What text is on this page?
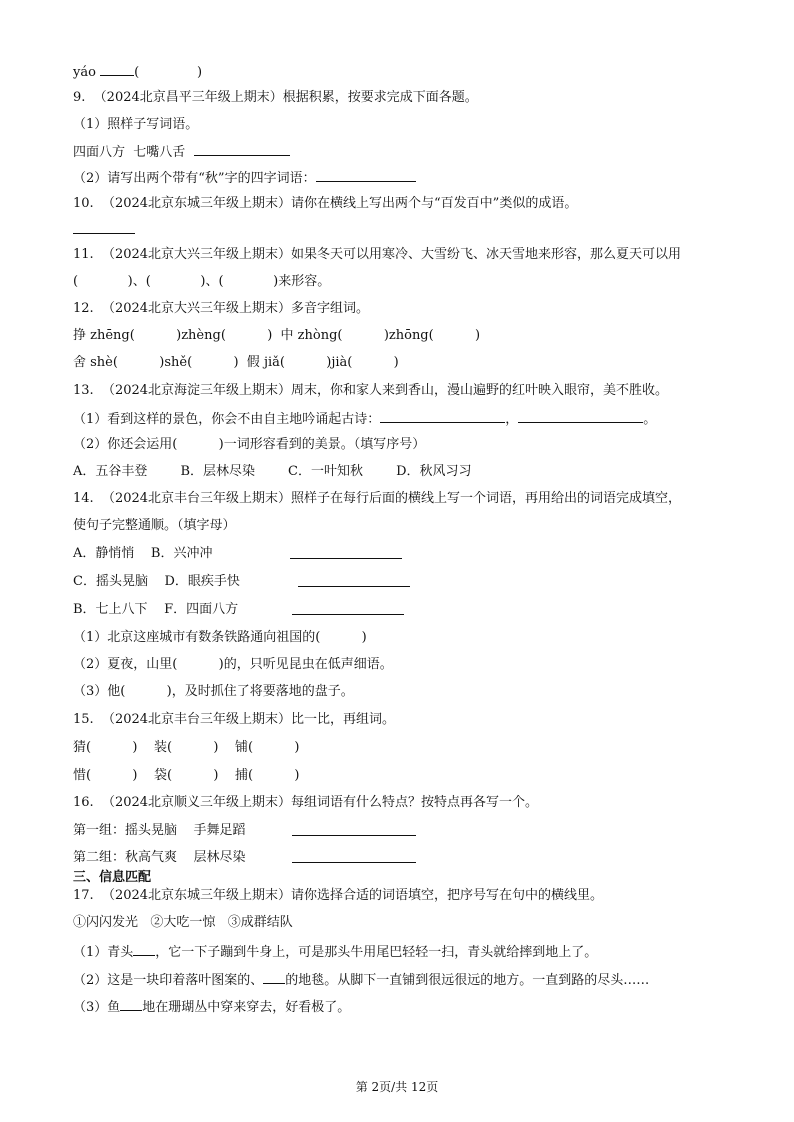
yáo	(              )
9.  （2024北京昌平三年级上期末）根据积累，按要求完成下面各题。
（1）照样子写词语。
四面八方  七嘴八舌
（2）请写出两个带有“秋”字的四字词语：
10.  （2024北京东城三年级上期末）请你在横线上写出两个与“百发百中”类似的成语。
11.  （2024北京大兴三年级上期末）如果冬天可以用寒冷、大雪纷飞、冰天雪地来形容，那么夏天可以用
(            )、(            )、(            )来形容。
12.  （2024北京大兴三年级上期末）多音字组词。
挣 zhēng(          )zhèng(          )  中 zhòng(          )zhōng(          )
舍 shè(          )shě(          )  假 jiǎ(          )jià(          )
13.  （2024北京海淀三年级上期末）周末，你和家人来到香山，漫山遍野的红叶映入眼帘，美不胜收。
（1）看到这样的景色，你会不由自主地吟诵起古诗：	，	。
（2）你还会运用(          )一词形容看到的美景。（填写序号）
A．五谷丰登        B．层林尽染        C．一叶知秋        D．秋风习习
14.  （2024北京丰台三年级上期末）照样子在每行后面的横线上写一个词语，再用给出的词语完成填空，
使句子完整通顺。（填字母）
A．静悄悄    B．兴冲冲
C．摇头晃脑    D．眼疾手快
B．七上八下    F．四面八方
（1）北京这座城市有数条铁路通向祖国的(          )
（2）夏夜，山里(          )的，只听见昆虫在低声细语。
（3）他(          )，及时抓住了将要落地的盘子。
15.  （2024北京丰台三年级上期末）比一比，再组词。
猜(          )    装(          )    铺(          )
惜(          )    袋(          )    捕(          )
16.  （2024北京顺义三年级上期末）每组词语有什么特点？按特点再各写一个。
第一组：摇头晃脑    手舞足蹈
第二组：秋高气爽    层林尽染
三、信息匹配
17.  （2024北京东城三年级上期末）请你选择合适的词语填空，把序号写在句中的横线里。
①闪闪发光   ②大吃一惊   ③成群结队
（1）青头 ，它一下子蹦到牛身上，可是那头牛用尾巴轻轻一扫，青头就给摔到地上了。
（2）这是一块印着落叶图案的、 的地毯。从脚下一直铺到很远很远的地方。一直到路的尽头……
（3）鱼 地在珊瑚丛中穿来穿去，好看极了。
第 2页/共 12页
